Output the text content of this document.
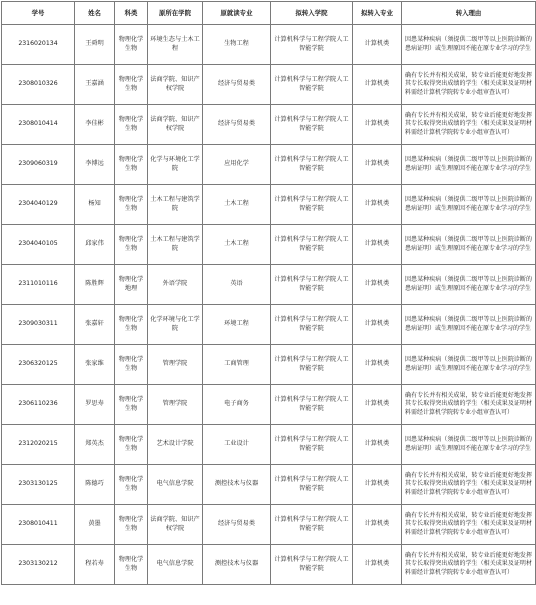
学号	姓名	科类	原所在学院	原就读专业	拟转入学院	拟转入专业	转入理由
2316020134	王舜明	物理化学生物	环境生态与土木工程	生物工程	计算机科学与工程学院人工智能学院	计算机类	因患某种疾病（须提供二级甲等以上医院诊断的患病证明）或生理原因不能在原专业学习的学生
2308010326	王嘉涵	物理化学生物	法商学院、知识产权学院	经济与贸易类	计算机科学与工程学院人工智能学院	计算机类	确有专长并有相关成果，转专业后能更好地发挥其专长取得突出成绩的学生（相关成果及证明材料需经计算机学院转专业小组审查认可）
2308010414	李佳彬	物理化学生物	法商学院、知识产权学院	经济与贸易类	计算机科学与工程学院人工智能学院	计算机类	确有专长并有相关成果，转专业后能更好地发挥其专长取得突出成绩的学生（相关成果及证明材料需经计算机学院转专业小组审查认可）
2309060319	李博远	物理化学生物	化学与环境化工学院	应用化学	计算机科学与工程学院人工智能学院	计算机类	因患某种疾病（须提供二级甲等以上医院诊断的患病证明）或生理原因不能在原专业学习的学生
2304040129	杨知	物理化学生物	土木工程与建筑学院	土木工程	计算机科学与工程学院人工智能学院	计算机类	因患某种疾病（须提供二级甲等以上医院诊断的患病证明）或生理原因不能在原专业学习的学生
2304040105	邱家伟	物理化学生物	土木工程与建筑学院	土木工程	计算机科学与工程学院人工智能学院	计算机类	因患某种疾病（须提供二级甲等以上医院诊断的患病证明）或生理原因不能在原专业学习的学生
2311010116	陈胜辉	物理化学地理	外语学院	英语	计算机科学与工程学院人工智能学院	计算机类	因患某种疾病（须提供二级甲等以上医院诊断的患病证明）或生理原因不能在原专业学习的学生
2309030311	张嘉轩	物理化学生物	化学环境与化工学院	环境工程	计算机科学与工程学院人工智能学院	计算机类	因患某种疾病（须提供二级甲等以上医院诊断的患病证明）或生理原因不能在原专业学习的学生
2306320125	张家维	物理化学生物	管理学院	工商管理	计算机科学与工程学院人工智能学院	计算机类	因患某种疾病（须提供二级甲等以上医院诊断的患病证明）或生理原因不能在原专业学习的学生
2306110236	罗思寿	物理化学生物	管理学院	电子商务	计算机科学与工程学院人工智能学院	计算机类	确有专长并有相关成果，转专业后能更好地发挥其专长取得突出成绩的学生（相关成果及证明材料需经计算机学院转专业小组审查认可）
2312020215	郑英杰	物理化学生物	艺术设计学院	工业设计	计算机科学与工程学院人工智能学院	计算机类	因患某种疾病（须提供二级甲等以上医院诊断的患病证明）或生理原因不能在原专业学习的学生
2303130125	陈德巧	物理化学生物	电气信息学院	测控技术与仪器	计算机科学与工程学院人工智能学院	计算机类	确有专长并有相关成果，转专业后能更好地发挥其专长取得突出成绩的学生（相关成果及证明材料需经计算机学院转专业小组审查认可）
2308010411	黄墨	物理化学生物	法商学院、知识产权学院	经济与贸易类	计算机科学与工程学院人工智能学院	计算机类	确有专长并有相关成果，转专业后能更好地发挥其专长取得突出成绩的学生（相关成果及证明材料需经计算机学院转专业小组审查认可）
2303130212	程若寿	物理化学生物	电气信息学院	测控技术与仪器	计算机科学与工程学院人工智能学院	计算机类	确有专长并有相关成果，转专业后能更好地发挥其专长取得突出成绩的学生（相关成果及证明材料需经计算机学院转专业小组审查认可）
